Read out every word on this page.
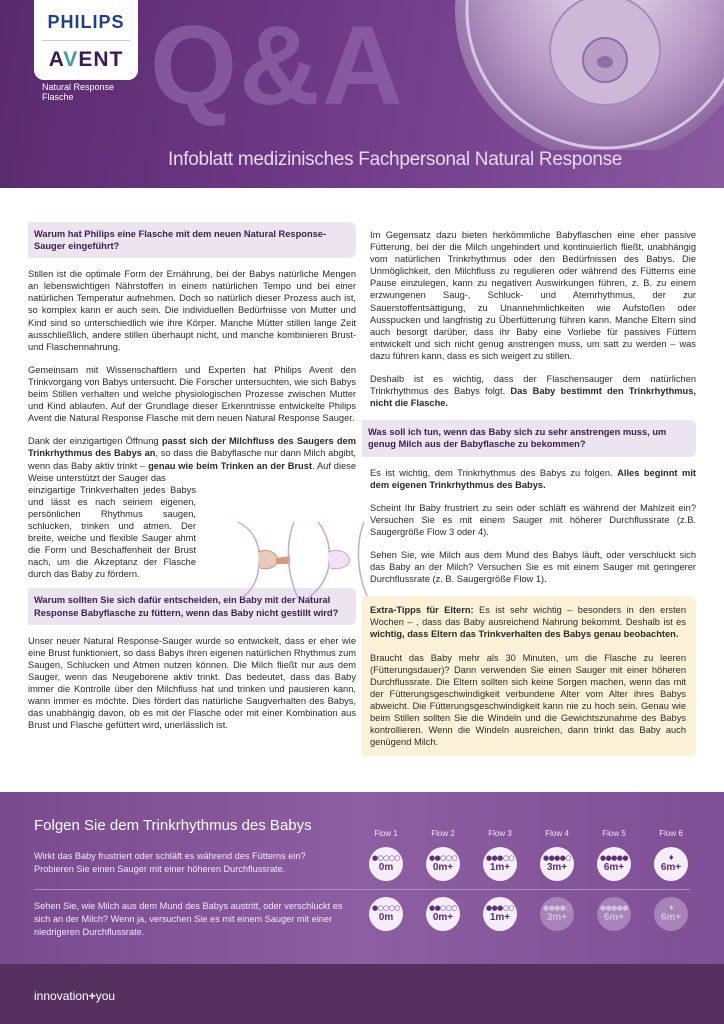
Q&A
PHILIPS
AVENT
Natural Response
Flasche
Infoblatt medizinisches Fachpersonal Natural Response
Warum hat Philips eine Flasche mit dem neuen Natural Response-Sauger eingeführt?
Stillen ist die optimale Form der Ernährung, bei der Babys natürliche Mengen an lebenswichtigen Nährstoffen in einem natürlichen Tempo und bei einer natürlichen Temperatur aufnehmen. Doch so natürlich dieser Prozess auch ist, so komplex kann er auch sein. Die individuellen Bedürfnisse von Mutter und Kind sind so unterschiedlich wie ihre Körper. Manche Mütter stillen lange Zeit ausschließlich, andere stillen überhaupt nicht, und manche kombinieren Brust- und Flaschennahrung.
Gemeinsam mit Wissenschaftlern und Experten hat Philips Avent den Trinkvorgang von Babys untersucht. Die Forscher untersuchten, wie sich Babys beim Stillen verhalten und welche physiologischen Prozesse zwischen Mutter und Kind ablaufen. Auf der Grundlage dieser Erkenntnisse entwickelte Philips Avent die Natural Response Flasche mit dem neuen Natural Response Sauger.
Dank der einzigartigen Öffnung passt sich der Milchfluss des Saugers dem Trinkrhythmus des Babys an, so dass die Babyflasche nur dann Milch abgibt, wenn das Baby aktiv trinkt – genau wie beim Trinken an der Brust. Auf diese Weise unterstützt der Sauger das
einzigartige Trinkverhalten jedes Babys und lässt es nach seinem eigenen, persönlichen Rhythmus saugen, schlucken, trinken und atmen. Der breite, weiche und flexible Sauger ahmt die Form und Beschaffenheit der Brust nach, um die Akzeptanz der Flasche durch das Baby zu fördern.
Warum sollten Sie sich dafür entscheiden, ein Baby mit der Natural Response Babyflasche zu füttern, wenn das Baby nicht gestillt wird?
Unser neuer Natural Response-Sauger wurde so entwickelt, dass er eher wie eine Brust funktioniert, so dass Babys ihren eigenen natürlichen Rhythmus zum Saugen, Schlucken und Atmen nutzen können. Die Milch fließt nur aus dem Sauger, wenn das Neugeborene aktiv trinkt. Das bedeutet, dass das Baby immer die Kontrolle über den Milchfluss hat und trinken und pausieren kann, wann immer es möchte. Dies fördert das natürliche Saugverhalten des Babys, das unabhängig davon, ob es mit der Flasche oder mit einer Kombination aus Brust und Flasche gefüttert wird, unerlässlich ist.
Im Gegensatz dazu bieten herkömmliche Babyflaschen eine eher passive Fütterung, bei der die Milch ungehindert und kontinuierlich fließt, unabhängig vom natürlichen Trinkrhythmus oder den Bedürfnissen des Babys. Die Unmöglichkeit, den Milchfluss zu regulieren oder während des Fütterns eine Pause einzulegen, kann zu negativen Auswirkungen führen, z. B. zu einem erzwungenen Saug-, Schluck- und Atemrhythmus, der zur Sauerstoffentsättigung, zu Unannehmlichkeiten wie Aufstoßen oder Ausspucken und langfristig zu Überfütterung führen kann. Manche Eltern sind auch besorgt darüber, dass ihr Baby eine Vorliebe für passives Füttern entwickelt und sich nicht genug anstrengen muss, um satt zu werden – was dazu führen kann, dass es sich weigert zu stillen.
Deshalb ist es wichtig, dass der Flaschensauger dem natürlichen Trinkrhythmus des Babys folgt. Das Baby bestimmt den Trinkrhythmus, nicht die Flasche.
Was soll ich tun, wenn das Baby sich zu sehr anstrengen muss, um genug Milch aus der Babyflasche zu bekommen?
Es ist wichtig, dem Trinkrhythmus des Babys zu folgen. Alles beginnt mit dem eigenen Trinkrhythmus des Babys.
Scheint Ihr Baby frustriert zu sein oder schläft es während der Mahlzeit ein? Versuchen Sie es mit einem Sauger mit höherer Durchflussrate (z.B. Saugergröße Flow 3 oder 4).
Sehen Sie, wie Milch aus dem Mund des Babys läuft, oder verschluckt sich das Baby an der Milch? Versuchen Sie es mit einem Sauger mit geringerer Durchflussrate (z. B. Saugergröße Flow 1).
Extra-Tipps für Eltern: Es ist sehr wichtig – besonders in den ersten Wochen – , dass das Baby ausreichend Nahrung bekommt. Deshalb ist es wichtig, dass Eltern das Trinkverhalten des Babys genau beobachten.
Braucht das Baby mehr als 30 Minuten, um die Flasche zu leeren (Fütterungsdauer)? Dann verwenden Sie einen Sauger mit einer höheren Durchflussrate. Die Eltern sollten sich keine Sorgen machen, wenn das mit der Fütterungsgeschwindigkeit verbundene Alter vom Alter ihres Babys abweicht. Die Fütterungsgeschwindigkeit kann nie zu hoch sein. Genau wie beim Stillen sollten Sie die Windeln und die Gewichtszunahme des Babys kontrollieren. Wenn die Windeln ausreichen, dann trinkt das Baby auch genügend Milch.
Folgen Sie dem Trinkrhythmus des Babys
Wirkt das Baby frustriert oder schläft es während des Fütterns ein? Probieren Sie einen Sauger mit einer höheren Durchflussrate.
Sehen Sie, wie Milch aus dem Mund des Babys austritt, oder verschluckt es sich an der Milch? Wenn ja, versuchen Sie es mit einem Sauger mit einer niedrigeren Durchflussrate.
Flow 1
●○○○○
0m
●○○○○
0m
Flow 2
●●○○○
0m+
●●○○○
0m+
Flow 3
●●●○○
1m+
●●●○○
1m+
Flow 4
●●●●○
3m+
●●●●○
3m+
Flow 5
●●●●●
6m+
●●●●●
6m+
Flow 6
♦
6m+
♦
6m+
innovation+you
